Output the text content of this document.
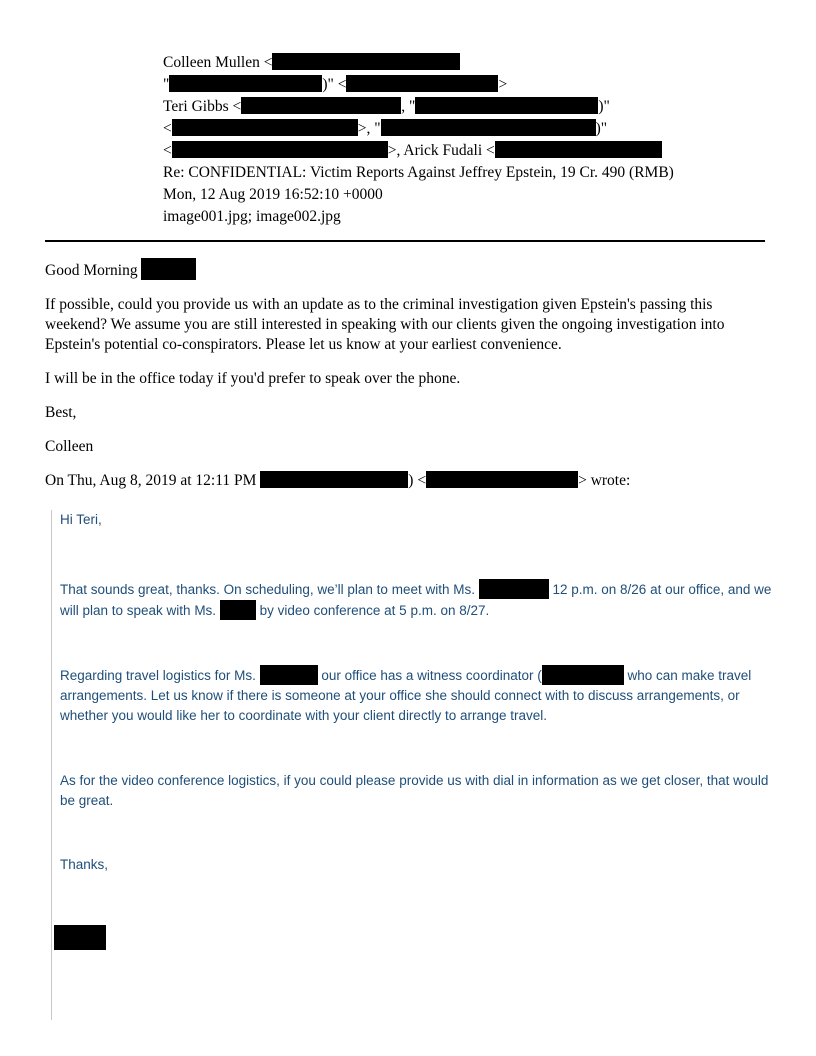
Colleen Mullen <
"	)" <	>
Teri Gibbs <	, "	)"
<	>, "	)"
<	>, Arick Fudali <
Re: CONFIDENTIAL: Victim Reports Against Jeffrey Epstein, 19 Cr. 490 (RMB)
Mon, 12 Aug 2019 16:52:10 +0000
image001.jpg; image002.jpg

Good Morning

If possible, could you provide us with an update as to the criminal investigation given Epstein's passing this weekend? We assume you are still interested in speaking with our clients given the ongoing investigation into Epstein's potential co-conspirators. Please let us know at your earliest convenience.

I will be in the office today if you'd prefer to speak over the phone.

Best,

Colleen

On Thu, Aug 8, 2019 at 12:11 PM	) <	> wrote:

Hi Teri,
That sounds great, thanks. On scheduling, we’ll plan to meet with Ms.	12 p.m. on 8/26 at our office, and we will plan to speak with Ms.	by video conference at 5 p.m. on 8/27.
Regarding travel logistics for Ms.	our office has a witness coordinator (	who can make travel arrangements. Let us know if there is someone at your office she should connect with to discuss arrangements, or whether you would like her to coordinate with your client directly to arrange travel.
As for the video conference logistics, if you could please provide us with dial in information as we get closer, that would be great.
Thanks,
